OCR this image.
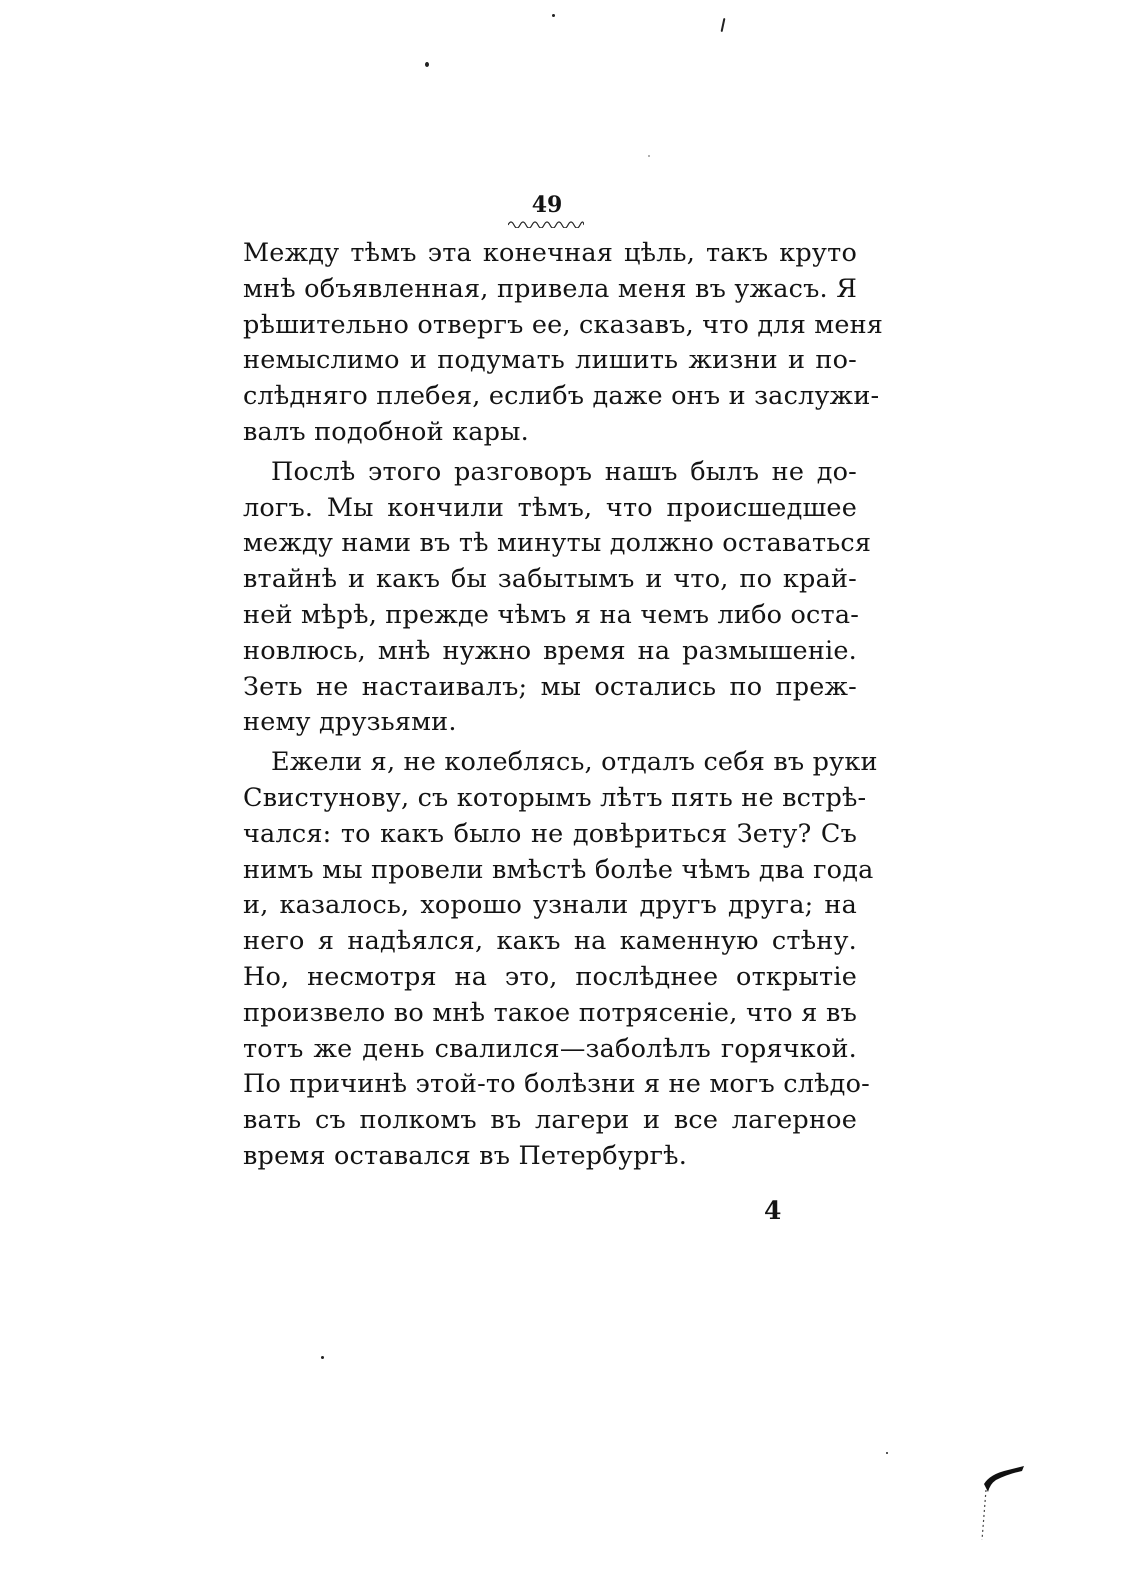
49
Между тѣмъ эта конечная цѣль, такъ круто
мнѣ объявленная, привела меня въ ужасъ. Я
рѣшительно отвергъ ее, сказавъ, что для меня
немыслимо и подумать лишить жизни и по-
слѣдняго плебея, еслибъ даже онъ и заслужи-
валъ подобной кары.
Послѣ этого разговоръ нашъ былъ не до-
логъ. Мы кончили тѣмъ, что происшедшее
между нами въ тѣ минуты должно оставаться
втайнѣ и какъ бы забытымъ и что, по край-
ней мѣрѣ, прежде чѣмъ я на чемъ либо оста-
новлюсь, мнѣ нужно время на размышеніе.
Зеть не настаивалъ; мы остались по преж-
нему друзьями.
Ежели я, не колеблясь, отдалъ себя въ руки
Свистунову, съ которымъ лѣтъ пять не встрѣ-
чался: то какъ было не довѣриться Зету? Съ
нимъ мы провели вмѣстѣ болѣе чѣмъ два года
и, казалось, хорошо узнали другъ друга; на
него я надѣялся, какъ на каменную стѣну.
Но, несмотря на это, послѣднее открытіе
произвело во мнѣ такое потрясеніе, что я въ
тотъ же день свалился—заболѣлъ горячкой.
По причинѣ этой-то болѣзни я не могъ слѣдо-
вать съ полкомъ въ лагери и все лагерное
время оставался въ Петербургѣ.
4
